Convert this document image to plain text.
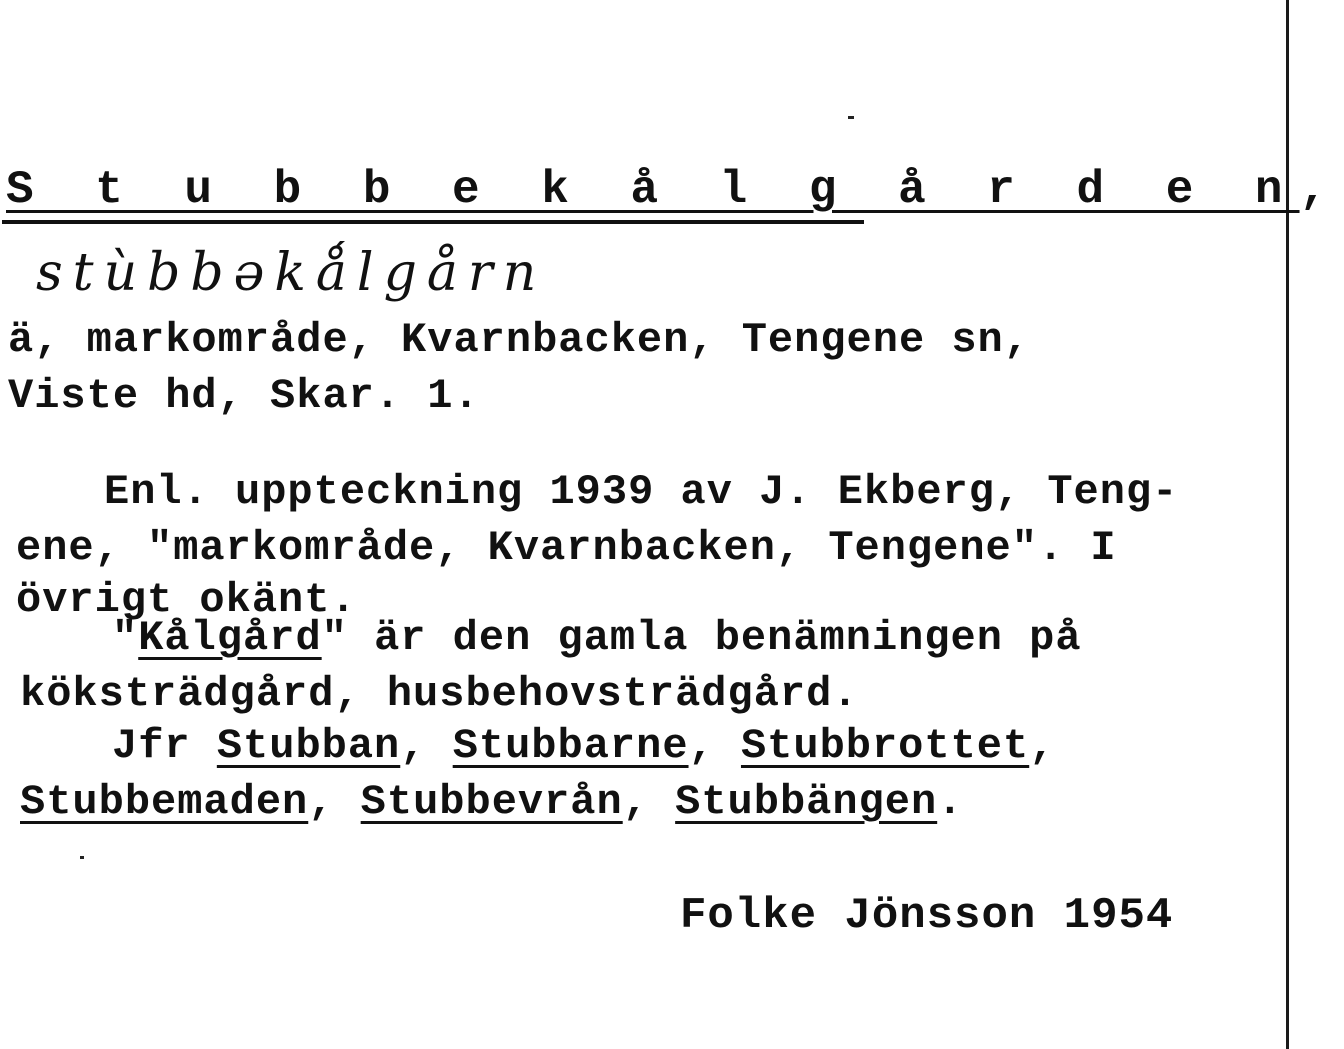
S t u b b e k å l g å r d e n,
stùbbəkǻlgårn
ä, markområde, Kvarnbacken, Tengene sn,
Viste hd, Skar. 1.
Enl. uppteckning 1939 av J. Ekberg, Teng-
ene, "markområde, Kvarnbacken, Tengene". I
övrigt okänt.
"Kålgård" är den gamla benämningen på
köksträdgård, husbehovsträdgård.
Jfr Stubban, Stubbarne, Stubbrottet,
Stubbemaden, Stubbevrån, Stubbängen.
Folke Jönsson 1954
